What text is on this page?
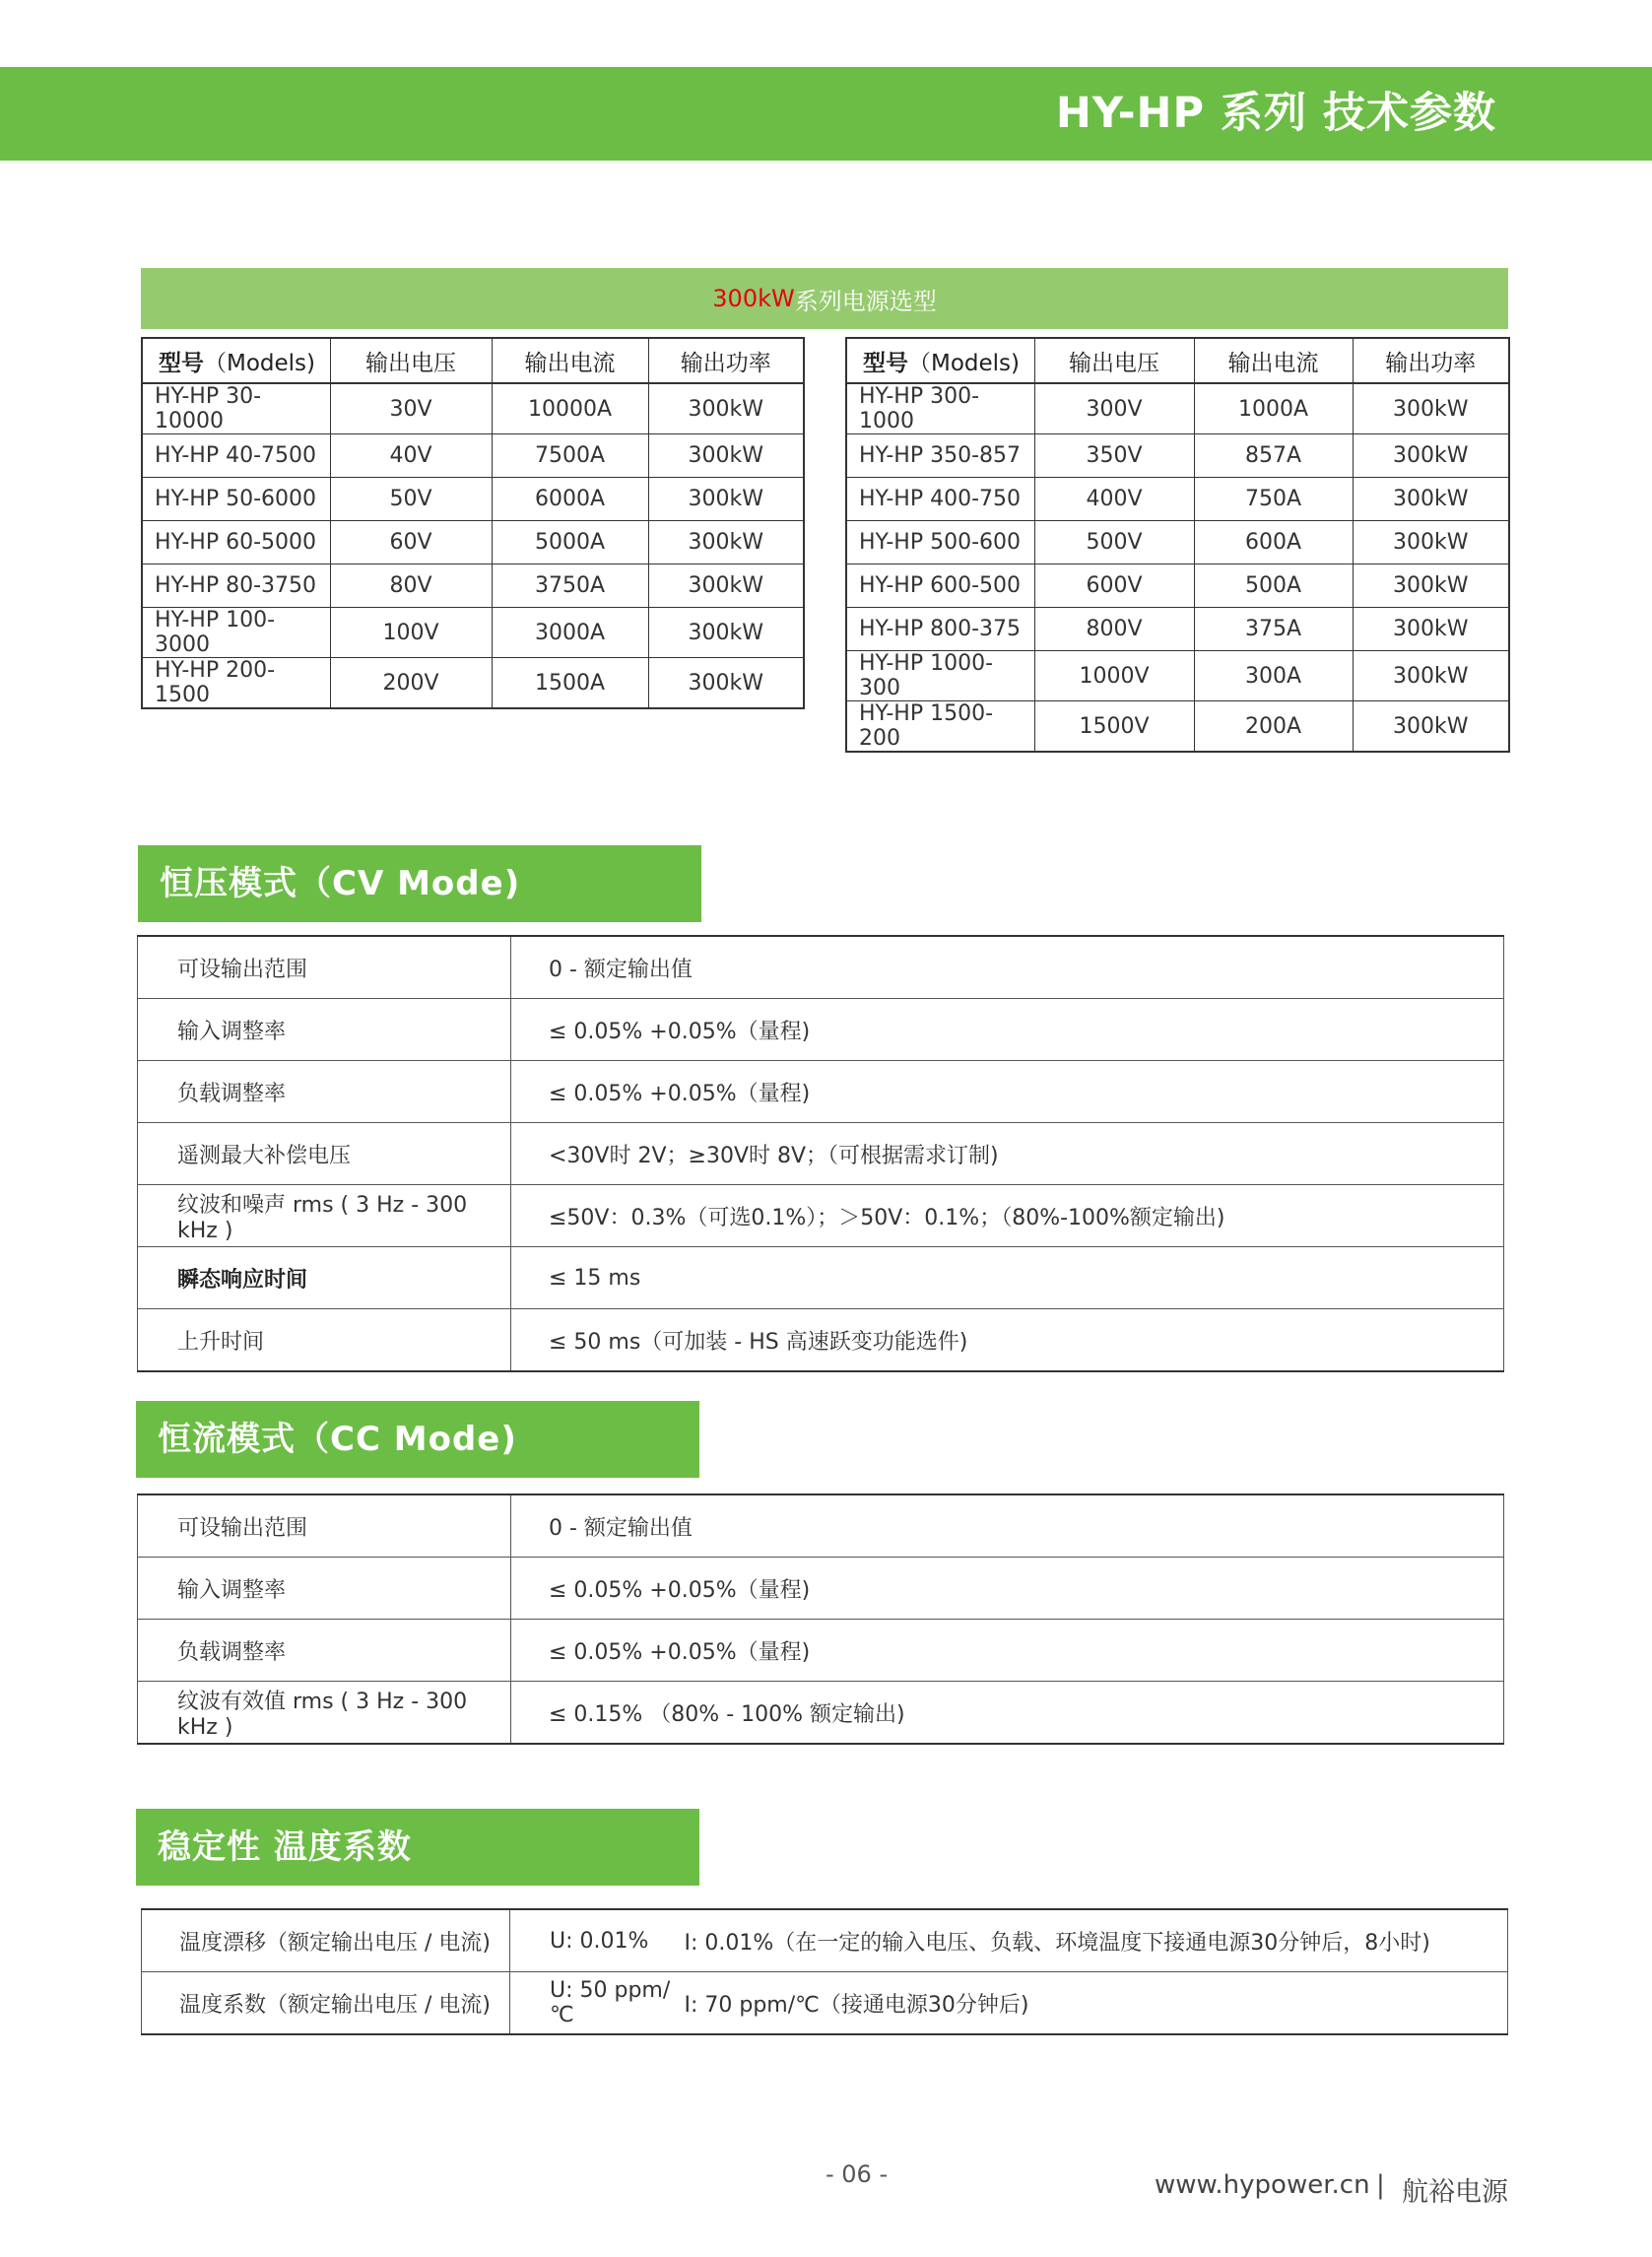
HY-HP 系列 技术参数
300kW 系列电源选型
型号（Models)	输出电压	输出电流	输出功率
HY-HP 30-10000	30V	10000A	300kW
HY-HP 40-7500	40V	7500A	300kW
HY-HP 50-6000	50V	6000A	300kW
HY-HP 60-5000	60V	5000A	300kW
HY-HP 80-3750	80V	3750A	300kW
HY-HP 100-3000	100V	3000A	300kW
HY-HP 200-1500	200V	1500A	300kW
型号（Models)	输出电压	输出电流	输出功率
HY-HP 300-1000	300V	1000A	300kW
HY-HP 350-857	350V	857A	300kW
HY-HP 400-750	400V	750A	300kW
HY-HP 500-600	500V	600A	300kW
HY-HP 600-500	600V	500A	300kW
HY-HP 800-375	800V	375A	300kW
HY-HP 1000-300	1000V	300A	300kW
HY-HP 1500-200	1500V	200A	300kW
恒压模式（CV Mode)
可设输出范围	0 - 额定输出值
输入调整率	≤ 0.05% +0.05%（量程)
负载调整率	≤ 0.05% +0.05%（量程)
遥测最大补偿电压	<30V时 2V；≥30V时 8V；（可根据需求订制)
纹波和噪声 rms ( 3 Hz - 300 kHz )	≤50V：0.3%（可选0.1%）；＞50V：0.1%；（80%-100%额定输出)
瞬态响应时间	≤ 15 ms
上升时间	≤ 50 ms（可加装 - HS 高速跃变功能选件)
恒流模式（CC Mode)
可设输出范围	0 - 额定输出值
输入调整率	≤ 0.05% +0.05%（量程)
负载调整率	≤ 0.05% +0.05%（量程)
纹波有效值 rms ( 3 Hz - 300 kHz )	≤ 0.15% （80% - 100% 额定输出)
稳定性 温度系数
温度漂移（额定输出电压 / 电流)	U: 0.01%	I: 0.01%（在一定的输入电压、负载、环境温度下接通电源30分钟后，8小时)
温度系数（额定输出电压 / 电流)	U: 50 ppm/℃	I: 70 ppm/℃（接通电源30分钟后)
- 06 -	www.hypower.cn | 航裕电源
